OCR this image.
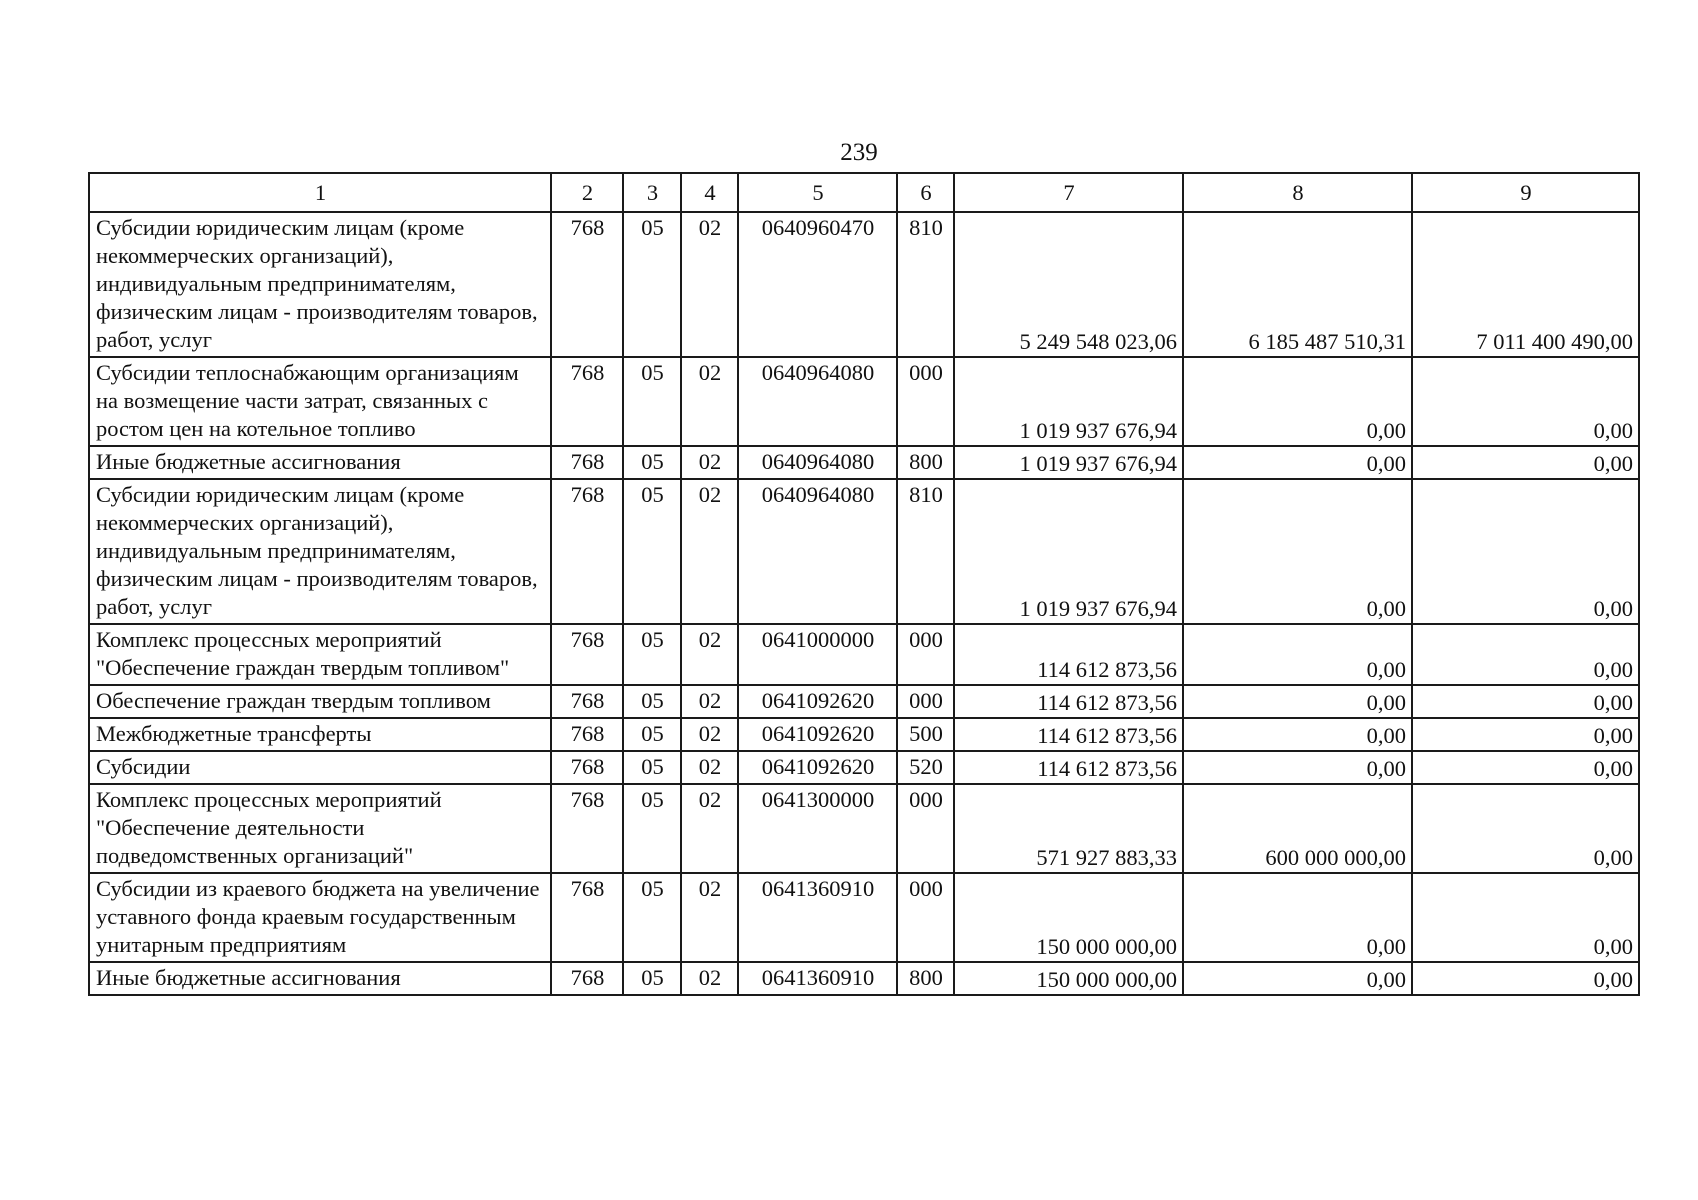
239
1	2	3	4	5	6	7	8	9
Субсидии юридическим лицам (кроме некоммерческих организаций), индивидуальным предпринимателям, физическим лицам - производителям товаров, работ, услуг	768	05	02	0640960470	810	5 249 548 023,06	6 185 487 510,31	7 011 400 490,00
Субсидии теплоснабжающим организациям на возмещение части затрат, связанных с ростом цен на котельное топливо	768	05	02	0640964080	000	1 019 937 676,94	0,00	0,00
Иные бюджетные ассигнования	768	05	02	0640964080	800	1 019 937 676,94	0,00	0,00
Субсидии юридическим лицам (кроме некоммерческих организаций), индивидуальным предпринимателям, физическим лицам - производителям товаров, работ, услуг	768	05	02	0640964080	810	1 019 937 676,94	0,00	0,00
Комплекс процессных мероприятий "Обеспечение граждан твердым топливом"	768	05	02	0641000000	000	114 612 873,56	0,00	0,00
Обеспечение граждан твердым топливом	768	05	02	0641092620	000	114 612 873,56	0,00	0,00
Межбюджетные трансферты	768	05	02	0641092620	500	114 612 873,56	0,00	0,00
Субсидии	768	05	02	0641092620	520	114 612 873,56	0,00	0,00
Комплекс процессных мероприятий "Обеспечение деятельности подведомственных организаций"	768	05	02	0641300000	000	571 927 883,33	600 000 000,00	0,00
Субсидии из краевого бюджета на увеличение уставного фонда краевым государственным унитарным предприятиям	768	05	02	0641360910	000	150 000 000,00	0,00	0,00
Иные бюджетные ассигнования	768	05	02	0641360910	800	150 000 000,00	0,00	0,00
